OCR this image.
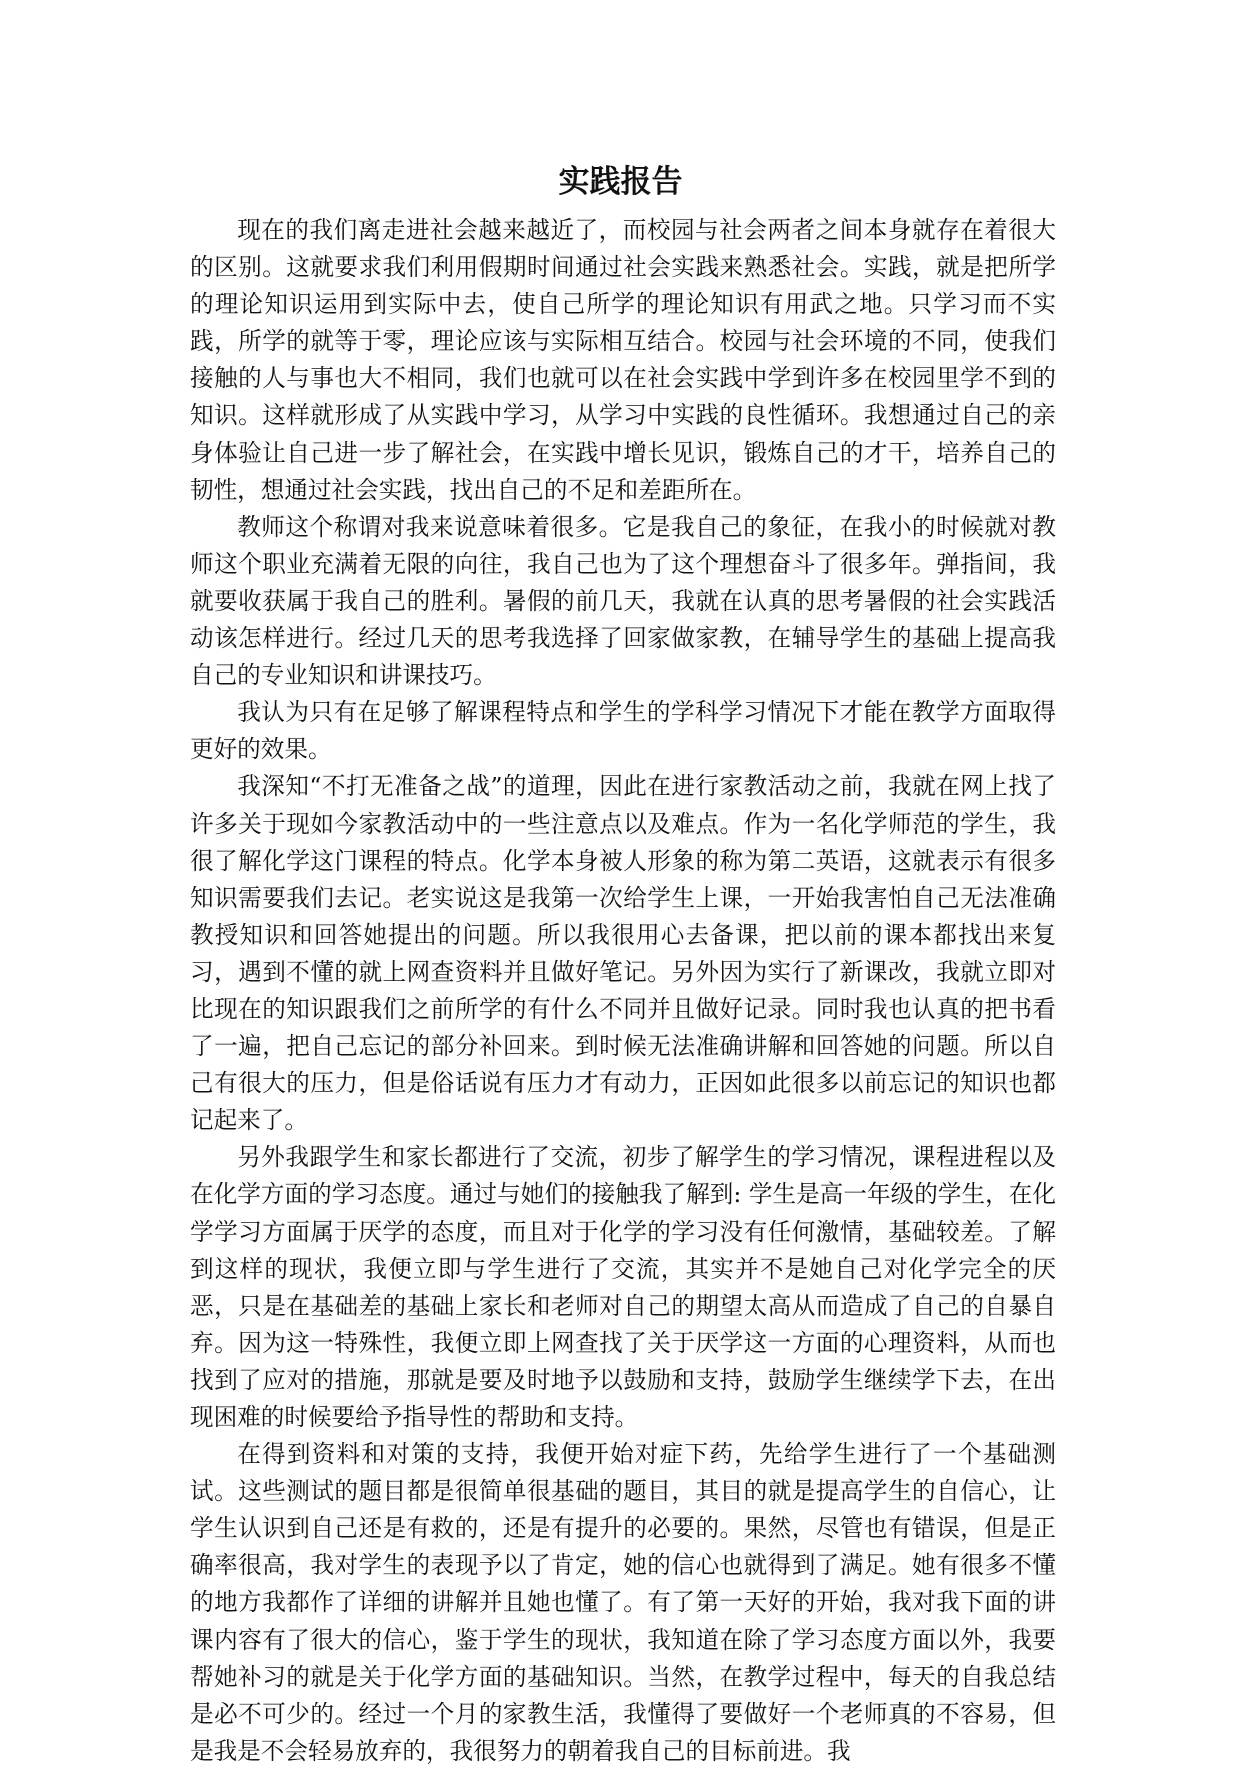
实践报告

现在的我们离走进社会越来越近了，而校园与社会两者之间本身就存在着很大的区别。这就要求我们利用假期时间通过社会实践来熟悉社会。实践，就是把所学的理论知识运用到实际中去，使自己所学的理论知识有用武之地。只学习而不实践，所学的就等于零，理论应该与实际相互结合。校园与社会环境的不同，使我们接触的人与事也大不相同，我们也就可以在社会实践中学到许多在校园里学不到的知识。这样就形成了从实践中学习，从学习中实践的良性循环。我想通过自己的亲身体验让自己进一步了解社会，在实践中增长见识，锻炼自己的才干，培养自己的韧性，想通过社会实践，找出自己的不足和差距所在。

教师这个称谓对我来说意味着很多。它是我自己的象征，在我小的时候就对教师这个职业充满着无限的向往，我自己也为了这个理想奋斗了很多年。弹指间，我就要收获属于我自己的胜利。暑假的前几天，我就在认真的思考暑假的社会实践活动该怎样进行。经过几天的思考我选择了回家做家教，在辅导学生的基础上提高我自己的专业知识和讲课技巧。

我认为只有在足够了解课程特点和学生的学科学习情况下才能在教学方面取得更好的效果。

我深知“不打无准备之战”的道理，因此在进行家教活动之前，我就在网上找了许多关于现如今家教活动中的一些注意点以及难点。作为一名化学师范的学生，我很了解化学这门课程的特点。化学本身被人形象的称为第二英语，这就表示有很多知识需要我们去记。老实说这是我第一次给学生上课，一开始我害怕自己无法准确教授知识和回答她提出的问题。所以我很用心去备课，把以前的课本都找出来复习，遇到不懂的就上网查资料并且做好笔记。另外因为实行了新课改，我就立即对比现在的知识跟我们之前所学的有什么不同并且做好记录。同时我也认真的把书看了一遍，把自己忘记的部分补回来。到时候无法准确讲解和回答她的问题。所以自己有很大的压力，但是俗话说有压力才有动力，正因如此很多以前忘记的知识也都记起来了。

另外我跟学生和家长都进行了交流，初步了解学生的学习情况，课程进程以及在化学方面的学习态度。通过与她们的接触我了解到: 学生是高一年级的学生，在化学学习方面属于厌学的态度，而且对于化学的学习没有任何激情，基础较差。了解到这样的现状，我便立即与学生进行了交流，其实并不是她自己对化学完全的厌恶，只是在基础差的基础上家长和老师对自己的期望太高从而造成了自己的自暴自弃。因为这一特殊性，我便立即上网查找了关于厌学这一方面的心理资料，从而也找到了应对的措施，那就是要及时地予以鼓励和支持，鼓励学生继续学下去，在出现困难的时候要给予指导性的帮助和支持。

在得到资料和对策的支持，我便开始对症下药，先给学生进行了一个基础测试。这些测试的题目都是很简单很基础的题目，其目的就是提高学生的自信心，让学生认识到自己还是有救的，还是有提升的必要的。果然，尽管也有错误，但是正确率很高，我对学生的表现予以了肯定，她的信心也就得到了满足。她有很多不懂的地方我都作了详细的讲解并且她也懂了。有了第一天好的开始，我对我下面的讲课内容有了很大的信心，鉴于学生的现状，我知道在除了学习态度方面以外，我要帮她补习的就是关于化学方面的基础知识。当然，在教学过程中，每天的自我总结是必不可少的。经过一个月的家教生活，我懂得了要做好一个老师真的不容易，但是我是不会轻易放弃的，我很努力的朝着我自己的目标前进。我
